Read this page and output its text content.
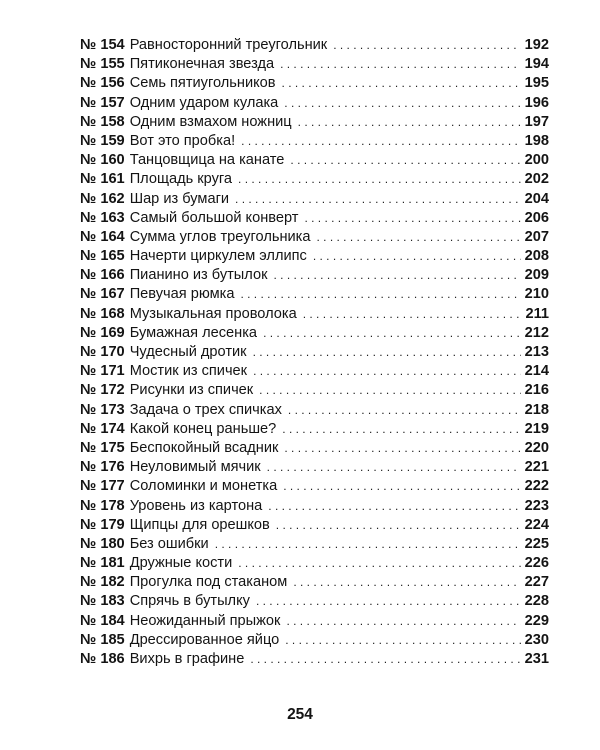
№ 154 Равносторонний треугольник . . .	192
№ 155 Пятиконечная звезда . . .	194
№ 156 Семь пятиугольников . . .	195
№ 157 Одним ударом кулака . . .	196
№ 158 Одним взмахом ножниц . . .	197
№ 159 Вот это пробка! . . .	198
№ 160 Танцовщица на канате . . .	200
№ 161 Площадь круга . . .	202
№ 162 Шар из бумаги . . .	204
№ 163 Самый большой конверт . . .	206
№ 164 Сумма углов треугольника . . .	207
№ 165 Начерти циркулем эллипс . . .	208
№ 166 Пианино из бутылок . . .	209
№ 167 Певучая рюмка . . .	210
№ 168 Музыкальная проволока . . .	211
№ 169 Бумажная лесенка . . .	212
№ 170 Чудесный дротик . . .	213
№ 171 Мостик из спичек . . .	214
№ 172 Рисунки из спичек . . .	216
№ 173 Задача о трех спичках . . .	218
№ 174 Какой конец раньше? . . .	219
№ 175 Беспокойный всадник . . .	220
№ 176 Неуловимый мячик . . .	221
№ 177 Соломинки и монетка . . .	222
№ 178 Уровень из картона . . .	223
№ 179 Щипцы для орешков . . .	224
№ 180 Без ошибки . . .	225
№ 181 Дружные кости . . .	226
№ 182 Прогулка под стаканом . . .	227
№ 183 Спрячь в бутылку . . .	228
№ 184 Неожиданный прыжок . . .	229
№ 185 Дрессированное яйцо . . .	230
№ 186 Вихрь в графине . . .	231
254
